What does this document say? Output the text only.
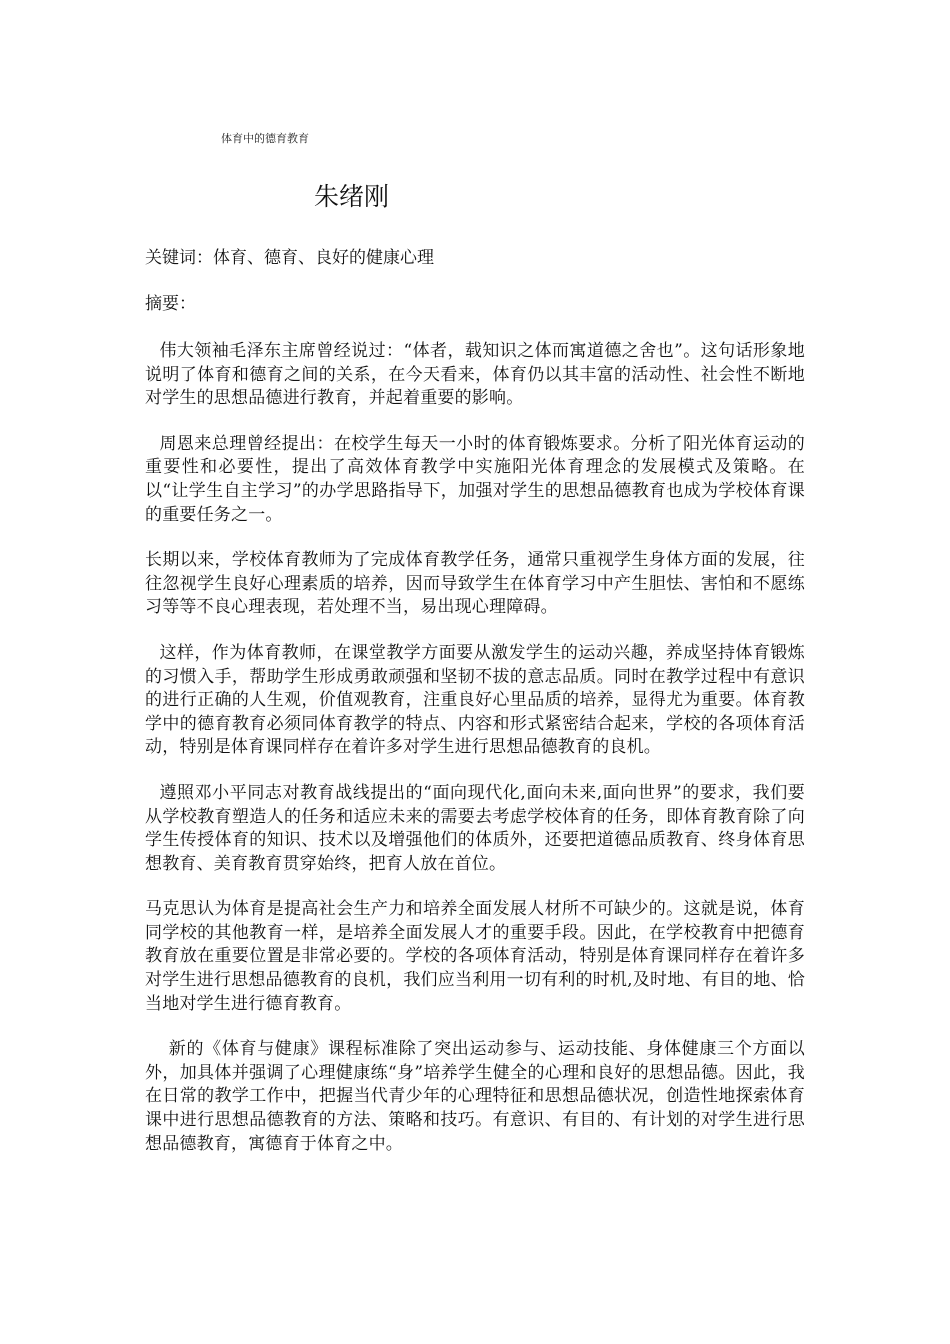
体育中的德育教育
朱绪刚
关键词：体育、德育、良好的健康心理
摘要：

伟大领袖毛泽东主席曾经说过：“体者，载知识之体而寓道德之舍也”。这句话形象地说明了体育和德育之间的关系，在今天看来，体育仍以其丰富的活动性、社会性不断地对学生的思想品德进行教育，并起着重要的影响。

周恩来总理曾经提出：在校学生每天一小时的体育锻炼要求。分析了阳光体育运动的重要性和必要性，提出了高效体育教学中实施阳光体育理念的发展模式及策略。在以“让学生自主学习”的办学思路指导下，加强对学生的思想品德教育也成为学校体育课的重要任务之一。

长期以来，学校体育教师为了完成体育教学任务，通常只重视学生身体方面的发展，往往忽视学生良好心理素质的培养，因而导致学生在体育学习中产生胆怯、害怕和不愿练习等等不良心理表现，若处理不当，易出现心理障碍。

这样，作为体育教师，在课堂教学方面要从激发学生的运动兴趣，养成坚持体育锻炼的习惯入手，帮助学生形成勇敢顽强和坚韧不拔的意志品质。同时在教学过程中有意识的进行正确的人生观，价值观教育，注重良好心里品质的培养，显得尤为重要。体育教学中的德育教育必须同体育教学的特点、内容和形式紧密结合起来，学校的各项体育活动，特别是体育课同样存在着许多对学生进行思想品德教育的良机。

遵照邓小平同志对教育战线提出的“面向现代化,面向未来,面向世界”的要求，我们要从学校教育塑造人的任务和适应未来的需要去考虑学校体育的任务，即体育教育除了向学生传授体育的知识、技术以及增强他们的体质外，还要把道德品质教育、终身体育思想教育、美育教育贯穿始终，把育人放在首位。

马克思认为体育是提高社会生产力和培养全面发展人材所不可缺少的。这就是说，体育同学校的其他教育一样，是培养全面发展人才的重要手段。因此，在学校教育中把德育教育放在重要位置是非常必要的。学校的各项体育活动，特别是体育课同样存在着许多对学生进行思想品德教育的良机，我们应当利用一切有利的时机,及时地、有目的地、恰当地对学生进行德育教育。

新的《体育与健康》课程标准除了突出运动参与、运动技能、身体健康三个方面以外，加具体并强调了心理健康练“身”培养学生健全的心理和良好的思想品德。因此，我在日常的教学工作中，把握当代青少年的心理特征和思想品德状况，创造性地探索体育课中进行思想品德教育的方法、策略和技巧。有意识、有目的、有计划的对学生进行思想品德教育，寓德育于体育之中。
